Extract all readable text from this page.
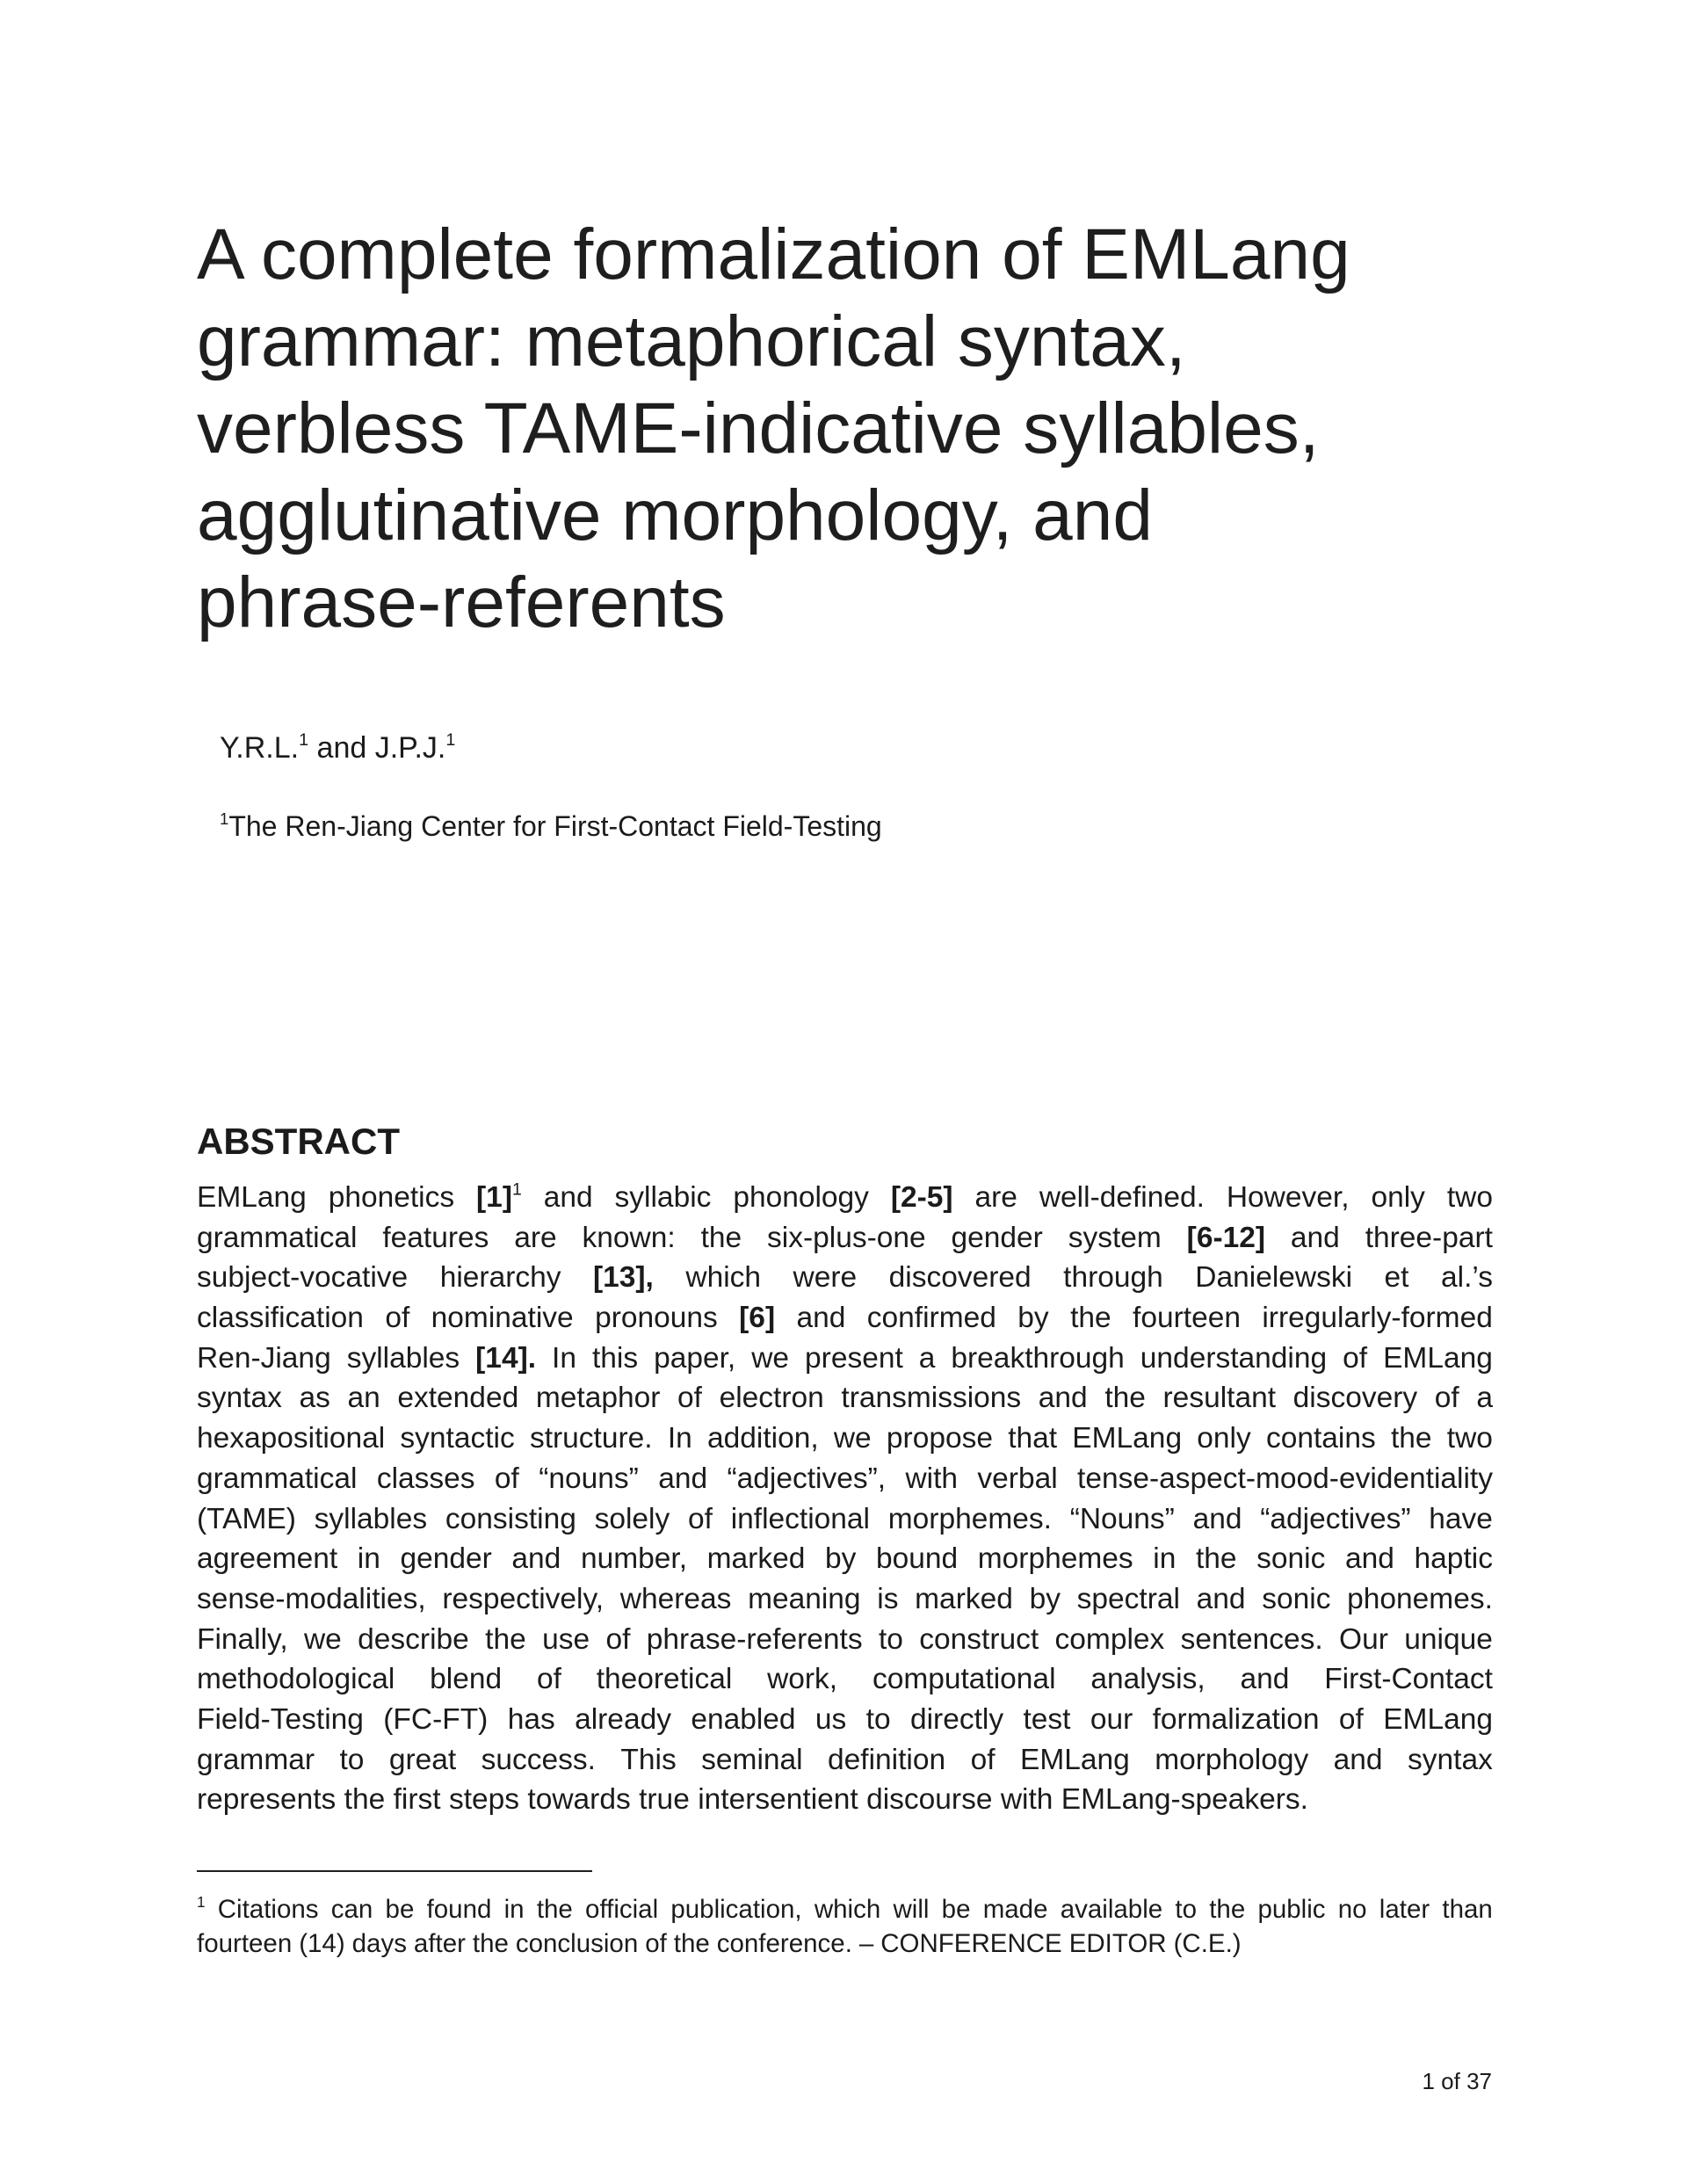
A complete formalization of EMLang
grammar: metaphorical syntax,
verbless TAME-indicative syllables,
agglutinative morphology, and
phrase-referents
Y.R.L.$^1$ and J.P.J.$^1$
$^1$The Ren-Jiang Center for First-Contact Field-Testing
ABSTRACT
EMLang phonetics $[1]^1$ and syllabic phonology [2-5] are well-defined. However, only two
grammatical features are known: the six-plus-one gender system [6-12] and three-part
subject-vocative hierarchy [13], which were discovered through Danielewski et al.’s
classification of nominative pronouns [6] and confirmed by the fourteen irregularly-formed
Ren-Jiang syllables [14]. In this paper, we present a breakthrough understanding of EMLang
syntax as an extended metaphor of electron transmissions and the resultant discovery of a
hexapositional syntactic structure. In addition, we propose that EMLang only contains the two
grammatical classes of “nouns” and “adjectives”, with verbal tense-aspect-mood-evidentiality
(TAME) syllables consisting solely of inflectional morphemes. “Nouns” and “adjectives” have
agreement in gender and number, marked by bound morphemes in the sonic and haptic
sense-modalities, respectively, whereas meaning is marked by spectral and sonic phonemes.
Finally, we describe the use of phrase-referents to construct complex sentences. Our unique
methodological blend of theoretical work, computational analysis, and First-Contact
Field-Testing (FC-FT) has already enabled us to directly test our formalization of EMLang
grammar to great success. This seminal definition of EMLang morphology and syntax
represents the first steps towards true intersentient discourse with EMLang-speakers.
$^1$ Citations can be found in the official publication, which will be made available to the public no later than
fourteen (14) days after the conclusion of the conference. – CONFERENCE EDITOR (C.E.)
1 of 37
